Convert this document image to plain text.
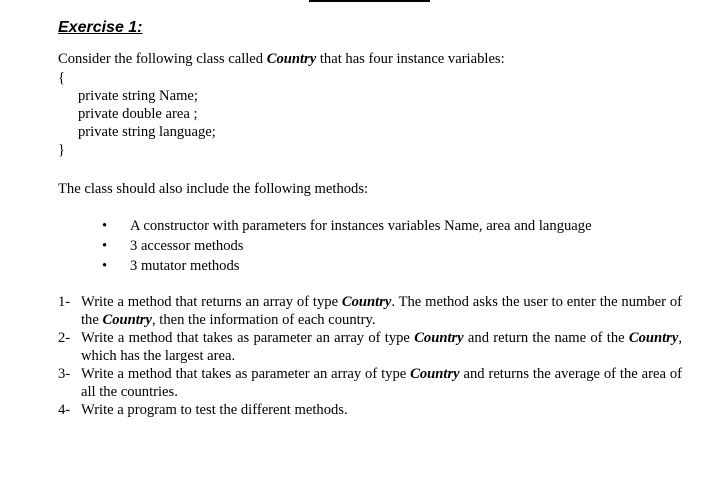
Exercise 1:

Consider the following class called Country that has four instance variables:

{

private string Name;

private double area ;

private string language;

}

The class should also include the following methods:

• A constructor with parameters for instances variables Name, area and language
• 3 accessor methods
• 3 mutator methods
1- Write a method that returns an array of type Country. The method asks the user to enter the number of the Country, then the information of each country.
2- Write a method that takes as parameter an array of type Country and return the name of the Country, which has the largest area.
3- Write a method that takes as parameter an array of type Country and returns the average of the area of all the countries.
4- Write a program to test the different methods.
